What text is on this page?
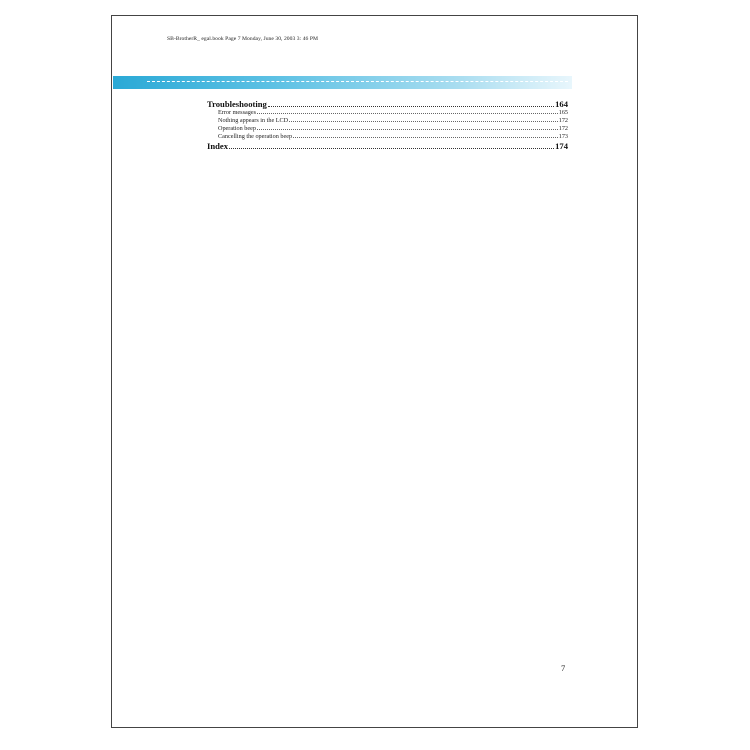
SB-BrotherR_ egal.book Page 7 Monday, June 30, 2003 3: 46 PM
Troubleshooting	164
Error messages	165
Nothing appears in the LCD	172
Operation beep	172
Cancelling the operation beep	173
Index	174
7
